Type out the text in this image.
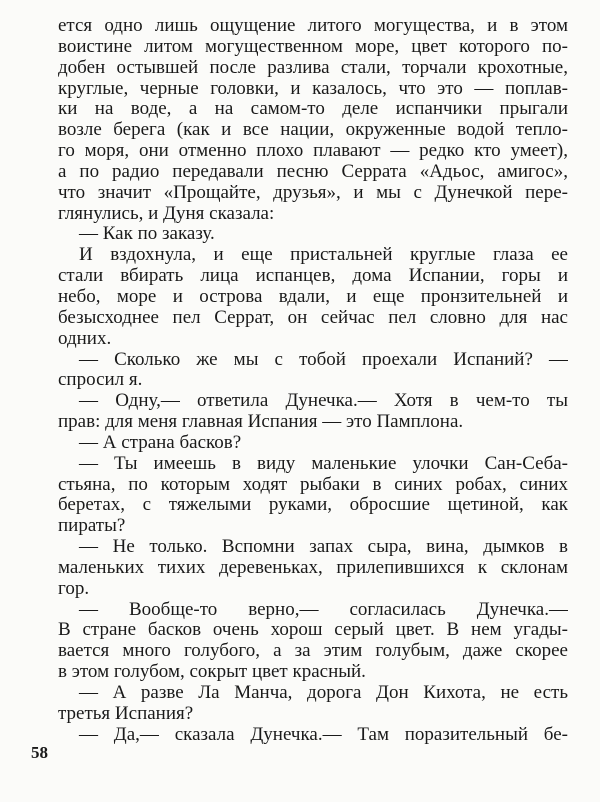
ется одно лишь ощущение литого могущества, и в этом
воистине литом могущественном море, цвет которого по-
добен остывшей после разлива стали, торчали крохотные,
круглые, черные головки, и казалось, что это — поплав-
ки на воде, а на самом-то деле испанчики прыгали
возле берега (как и все нации, окруженные водой тепло-
го моря, они отменно плохо плавают — редко кто умеет),
а по радио передавали песню Серрата «Адьос, амигос»,
что значит «Прощайте, друзья», и мы с Дунечкой пере-
глянулись, и Дуня сказала:
— Как по заказу.
И вздохнула, и еще пристальней круглые глаза ее
стали вбирать лица испанцев, дома Испании, горы и
небо, море и острова вдали, и еще пронзительней и
безысходнее пел Серрат, он сейчас пел словно для нас
одних.
— Сколько же мы с тобой проехали Испаний? —
спросил я.
— Одну,— ответила Дунечка.— Хотя в чем-то ты
прав: для меня главная Испания — это Памплона.
— А страна басков?
— Ты имеешь в виду маленькие улочки Сан-Себа-
стьяна, по которым ходят рыбаки в синих робах, синих
беретах, с тяжелыми руками, обросшие щетиной, как
пираты?
— Не только. Вспомни запах сыра, вина, дымков в
маленьких тихих деревеньках, прилепившихся к склонам
гор.
— Вообще-то верно,— согласилась Дунечка.—
В стране басков очень хорош серый цвет. В нем угады-
вается много голубого, а за этим голубым, даже скорее
в этом голубом, сокрыт цвет красный.
— А разве Ла Манча, дорога Дон Кихота, не есть
третья Испания?
— Да,— сказала Дунечка.— Там поразительный бе-
58
